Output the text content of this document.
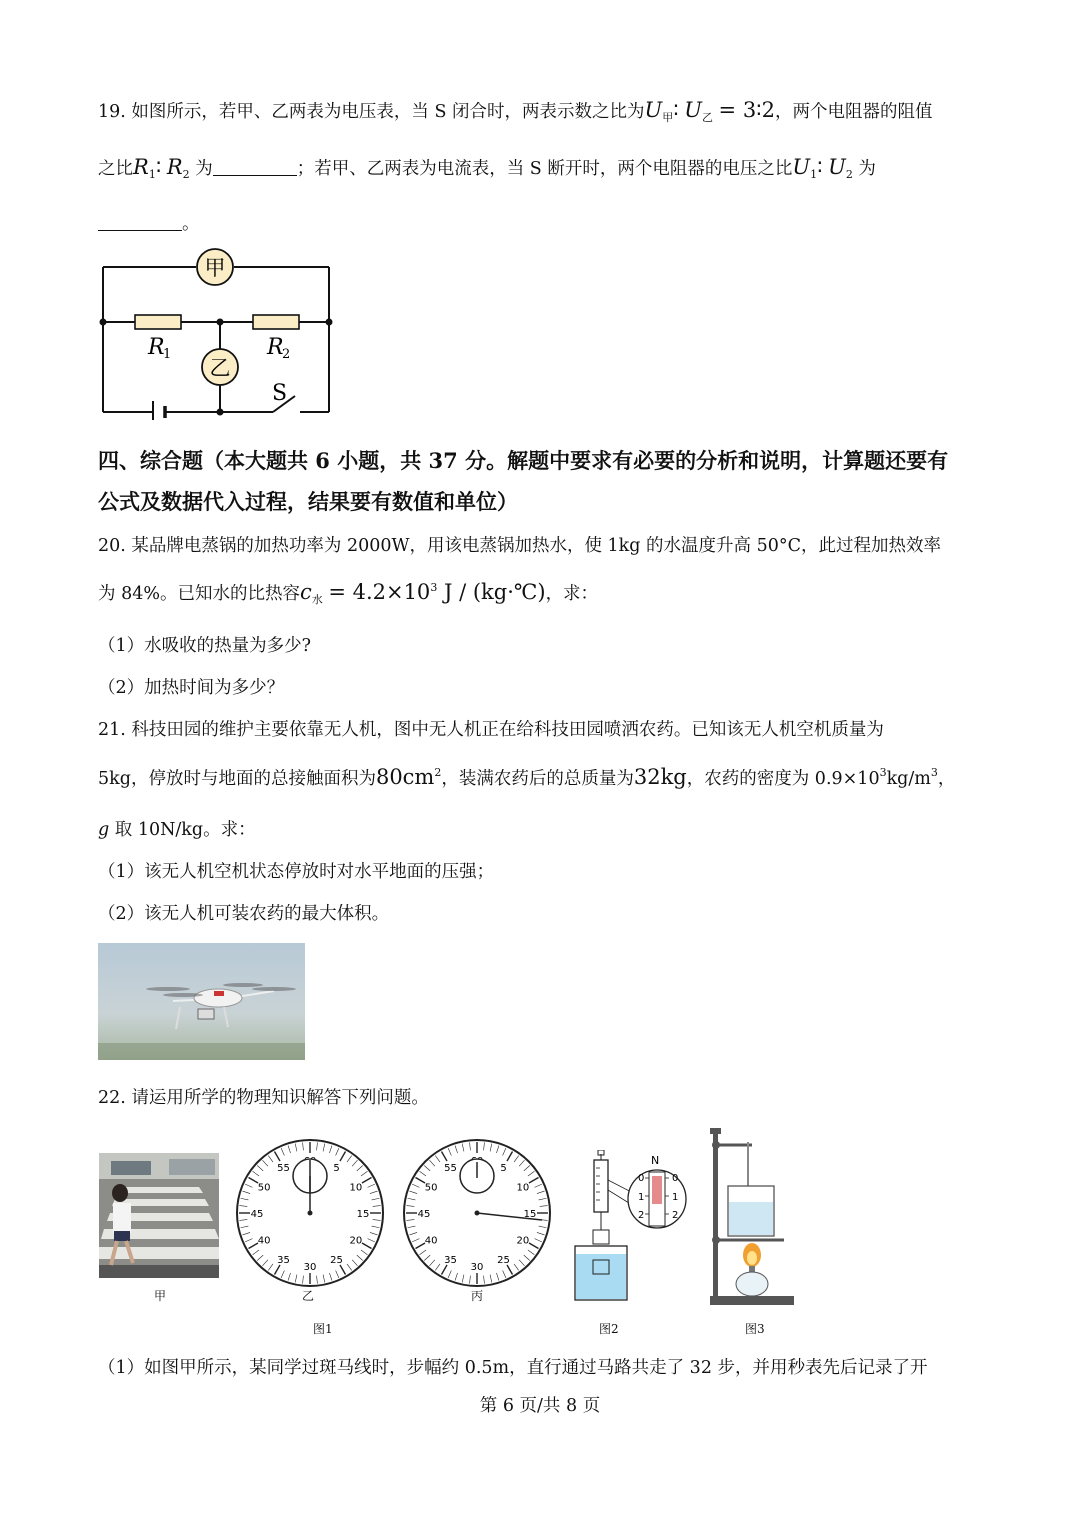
19. 如图所示，若甲、乙两表为电压表，当 S 闭合时，两表示数之比为$U_甲∶$ $U_乙$ = 3∶2，两个电阻器的阻值
之比$R_1∶$ $R_2$ 为	；若甲、乙两表为电流表，当 S 断开时，两个电阻器的电压之比$U_1∶$ $U_2$ 为
。
甲
乙
R
1	R
2
S
四、综合题（本大题共 6 小题，共 37 分。解题中要求有必要的分析和说明，计算题还要有
公式及数据代入过程，结果要有数值和单位）
20. 某品牌电蒸锅的加热功率为 2000W，用该电蒸锅加热水，使 1kg 的水温度升高 50°C，此过程加热效率
为 84%。已知水的比热容$c_水 = 4.2\times 10^3$ J / (kg·℃)，求：
（1）水吸收的热量为多少?
（2）加热时间为多少？
21. 科技田园的维护主要依靠无人机，图中无人机正在给科技田园喷洒农药。已知该无人机空机质量为
5kg，停放时与地面的总接触面积为$80cm^2$，装满农药后的总质量为32kg，农药的密度为 $0.9\times 10^3kg/m^3$，
g 取 10N/kg。求：
（1）该无人机空机状态停放时对水平地面的压强；
（2）该无人机可装农药的最大体积。
22. 请运用所学的物理知识解答下列问题。
甲
55	5
50	10
45	15
40	20
35
30
25
乙
55	5
50	10
45	15
40	20
35
30
25
丙
图1
N
0
1
2
0
1
2
图2	图3
（1）如图甲所示，某同学过斑马线时，步幅约 0.5m，直行通过马路共走了 32 步，并用秒表先后记录了开
第 6 页/共 8 页
